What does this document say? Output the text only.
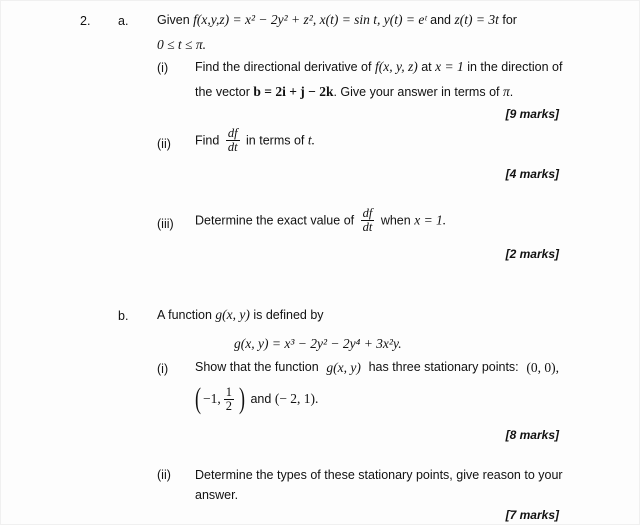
2. a. Given f(x,y,z) = x² − 2y² + z², x(t) = sin t, y(t) = eᵗ and z(t) = 3t for
0 ≤ t ≤ π.
(i) Find the directional derivative of f(x, y, z) at x = 1 in the direction of
the vector b = 2i + j − 2k. Give your answer in terms of π.
[9 marks]
(ii) Find $\frac{df}{dt}$ in terms of t.
[4 marks]
(iii) Determine the exact value of $\frac{df}{dt}$ when x = 1.
[2 marks]
b. A function g(x, y) is defined by
g(x, y) = x³ − 2y² − 2y⁴ + 3x²y.
(i) Show that the function g(x, y) has three stationary points: (0, 0),
( −1, $\frac{1}{2}$ ) and (− 2, 1).
[8 marks]
(ii) Determine the types of these stationary points, give reason to your
answer.
[7 marks]
